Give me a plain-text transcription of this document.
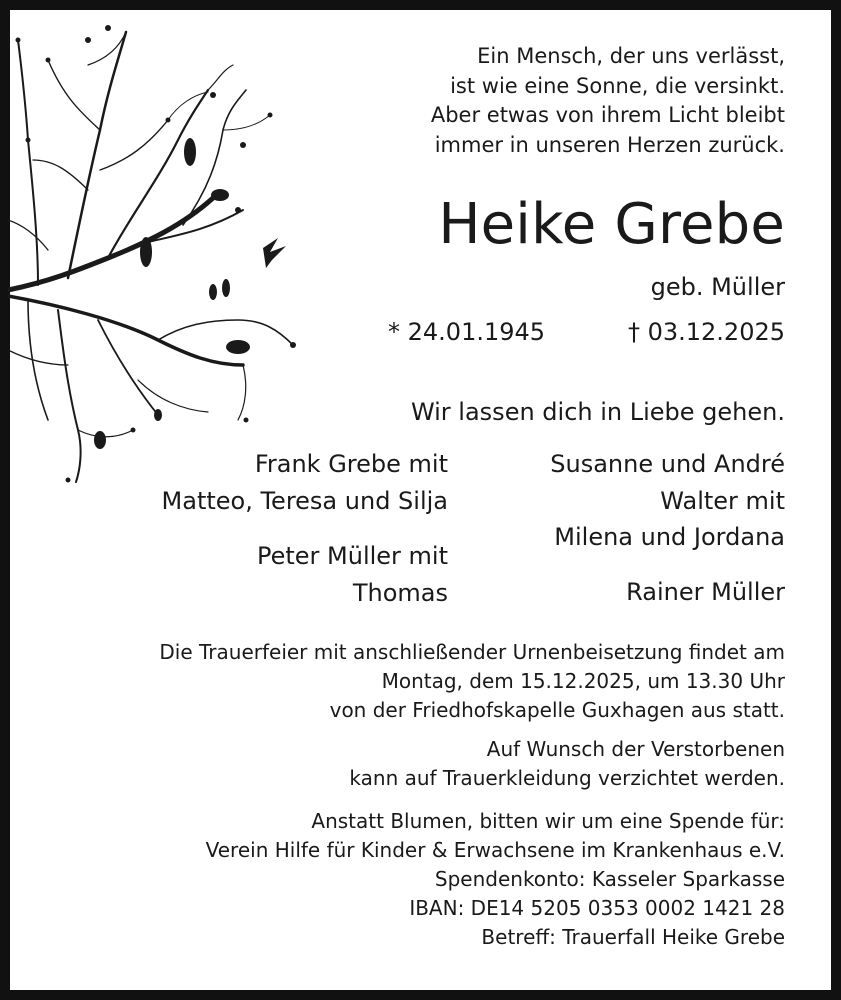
Ein Mensch, der uns verlässt,
ist wie eine Sonne, die versinkt.
Aber etwas von ihrem Licht bleibt
immer in unseren Herzen zurück.
Heike Grebe
geb. Müller
* 24.01.1945	† 03.12.2025
Wir lassen dich in Liebe gehen.
Frank Grebe mit
Matteo, Teresa und Silja
Peter Müller mit
Thomas
Susanne und André
Walter mit
Milena und Jordana
Rainer Müller
Die Trauerfeier mit anschließender Urnenbeisetzung findet am
Montag, dem 15.12.2025, um 13.30 Uhr
von der Friedhofskapelle Guxhagen aus statt.
Auf Wunsch der Verstorbenen
kann auf Trauerkleidung verzichtet werden.
Anstatt Blumen, bitten wir um eine Spende für:
Verein Hilfe für Kinder & Erwachsene im Krankenhaus e.V.
Spendenkonto: Kasseler Sparkasse
IBAN: DE14 5205 0353 0002 1421 28
Betreff: Trauerfall Heike Grebe
